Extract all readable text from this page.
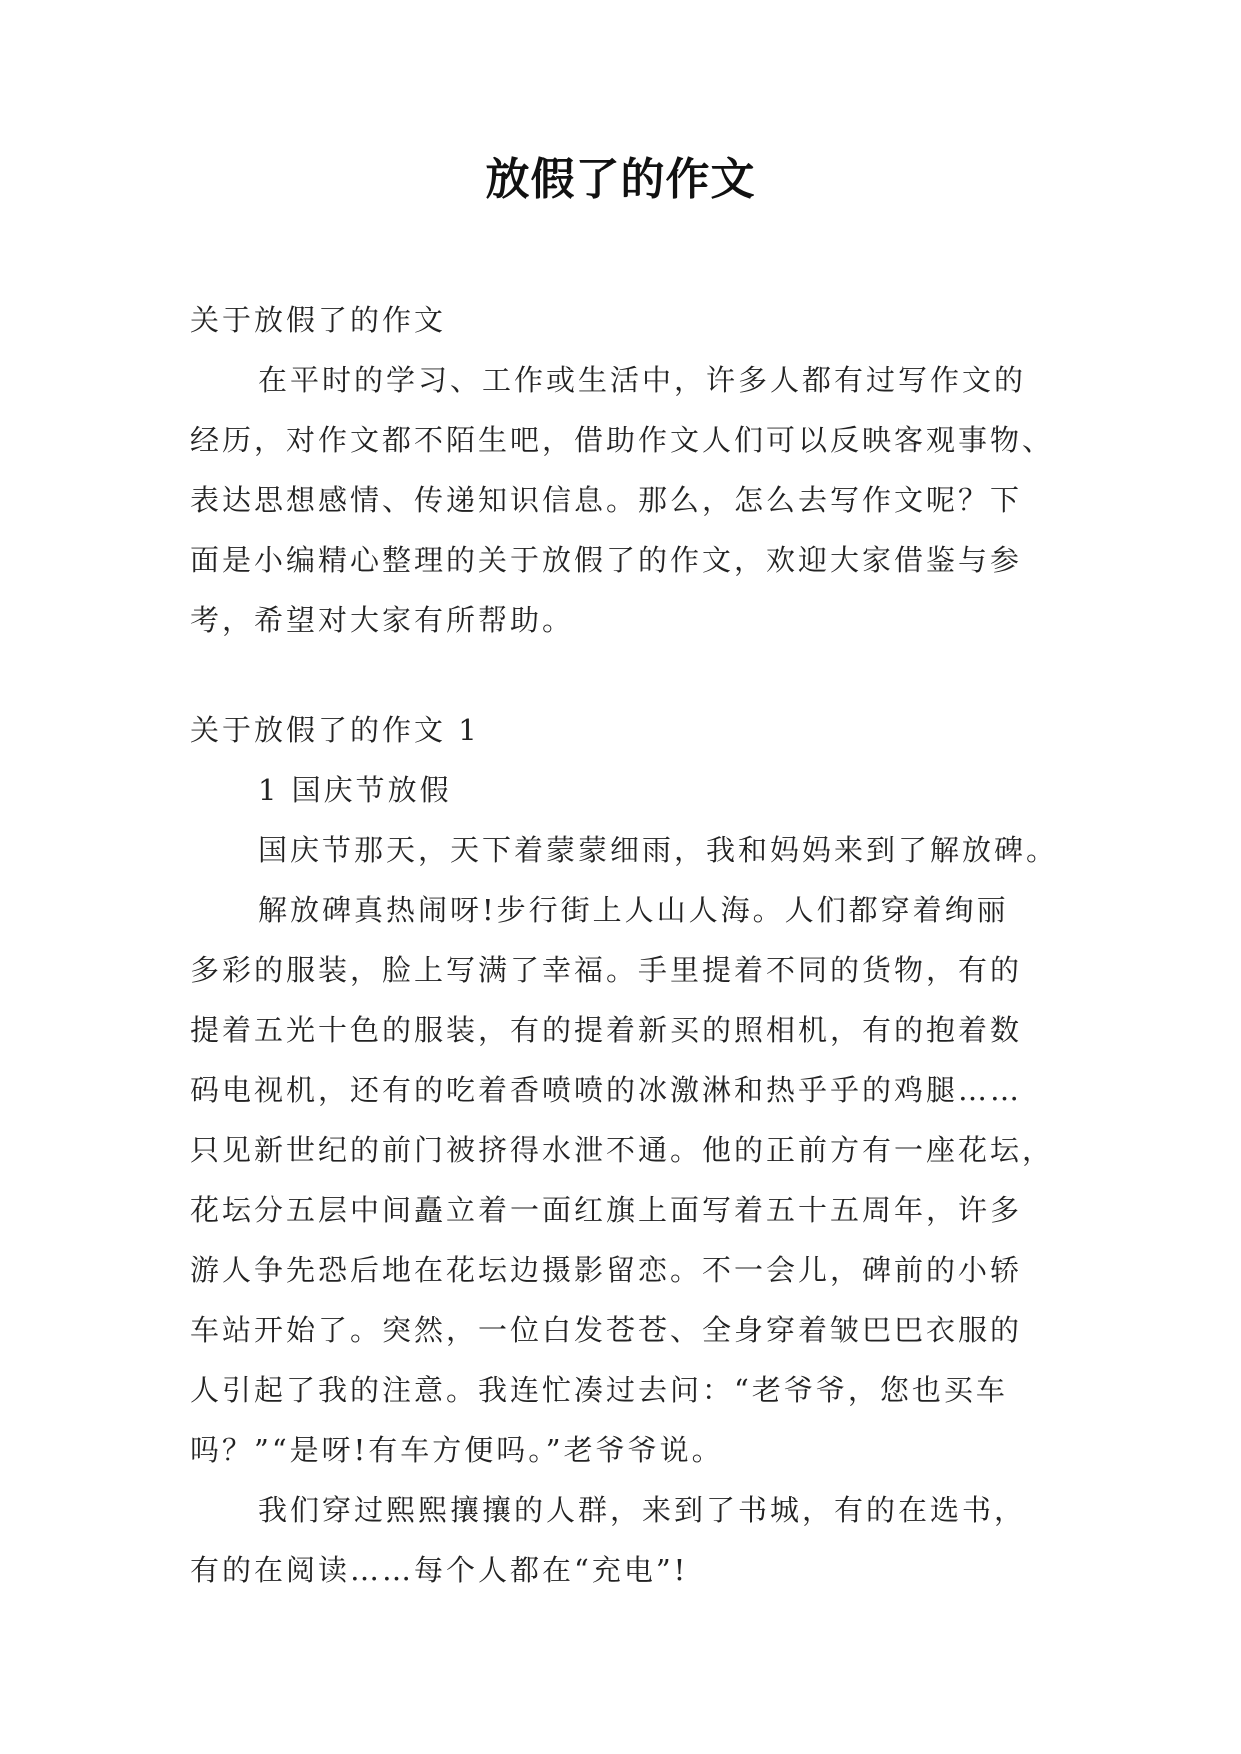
放假了的作文

关于放假了的作文

在平时的学习、工作或生活中，许多人都有过写作文的

经历，对作文都不陌生吧，借助作文人们可以反映客观事物、

表达思想感情、传递知识信息。那么，怎么去写作文呢？下

面是小编精心整理的关于放假了的作文，欢迎大家借鉴与参

考，希望对大家有所帮助。

关于放假了的作文 1

1 国庆节放假

国庆节那天，天下着蒙蒙细雨，我和妈妈来到了解放碑。

解放碑真热闹呀!步行街上人山人海。人们都穿着绚丽

多彩的服装，脸上写满了幸福。手里提着不同的货物，有的

提着五光十色的服装，有的提着新买的照相机，有的抱着数

码电视机，还有的吃着香喷喷的冰激淋和热乎乎的鸡腿……

只见新世纪的前门被挤得水泄不通。他的正前方有一座花坛，

花坛分五层中间矗立着一面红旗上面写着五十五周年，许多

游人争先恐后地在花坛边摄影留恋。不一会儿，碑前的小轿

车站开始了。突然，一位白发苍苍、全身穿着皱巴巴衣服的

人引起了我的注意。我连忙凑过去问：“老爷爷，您也买车

吗？”“是呀!有车方便吗。”老爷爷说。

我们穿过熙熙攘攘的人群，来到了书城，有的在选书，

有的在阅读……每个人都在“充电”!
